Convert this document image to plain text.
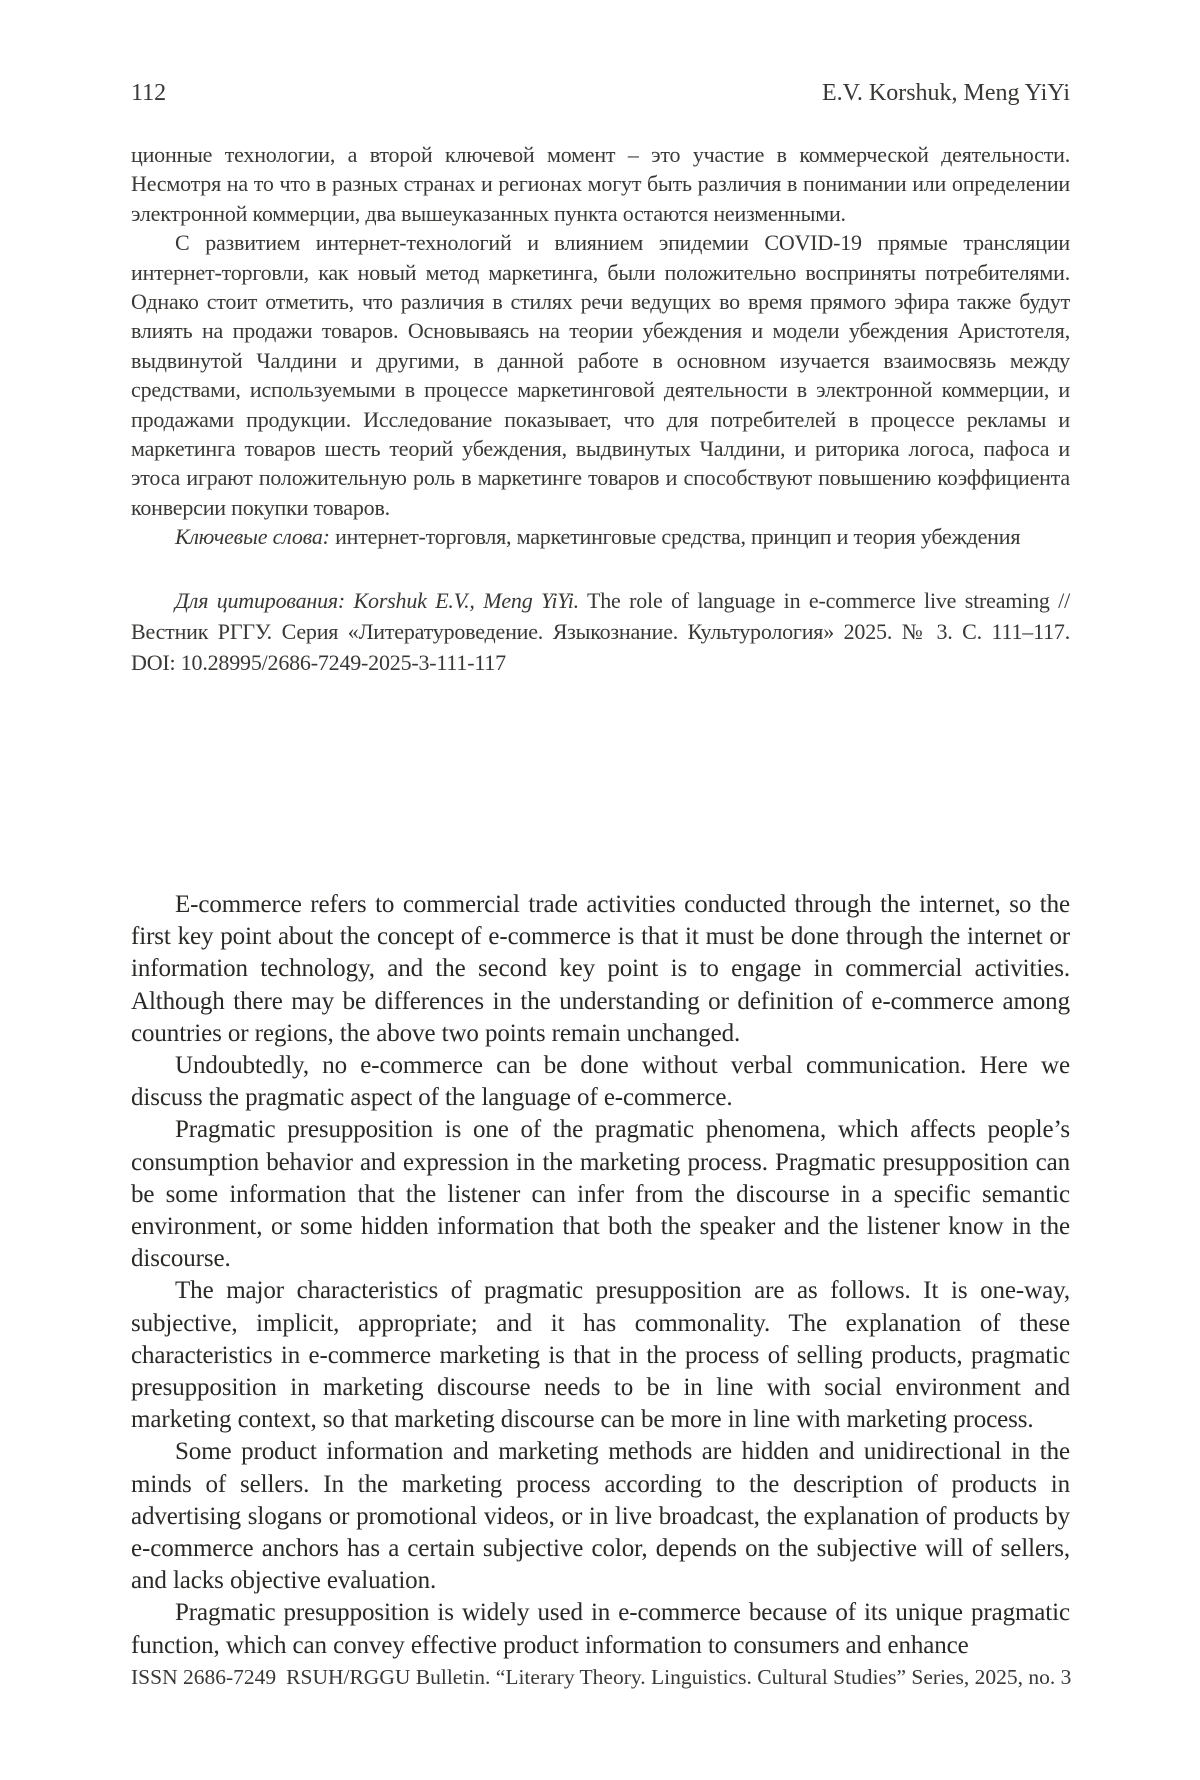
112	E.V. Korshuk, Meng YiYi

ционные технологии, а второй ключевой момент – это участие в коммерческой деятельности. Несмотря на то что в разных странах и регионах могут быть различия в понимании или определении электронной коммерции, два вышеуказанных пункта остаются неизменными.

С развитием интернет-технологий и влиянием эпидемии COVID-19 прямые трансляции интернет-торговли, как новый метод маркетинга, были положительно восприняты потребителями. Однако стоит отметить, что различия в стилях речи ведущих во время прямого эфира также будут влиять на продажи товаров. Основываясь на теории убеждения и модели убеждения Аристотеля, выдвинутой Чалдини и другими, в данной работе в основном изучается взаимосвязь между средствами, используемыми в процессе маркетинговой деятельности в электронной коммерции, и продажами продукции. Исследование показывает, что для потребителей в процессе рекламы и маркетинга товаров шесть теорий убеждения, выдвинутых Чалдини, и риторика логоса, пафоса и этоса играют положительную роль в маркетинге товаров и способствуют повышению коэффициента конверсии покупки товаров.

Ключевые слова: интернет-торговля, маркетинговые средства, принцип и теория убеждения

Для цитирования: Korshuk E.V., Meng YiYi. The role of language in e-commerce live streaming // Вестник РГГУ. Серия «Литературоведение. Языкознание. Культурология» 2025. № 3. С. 111–117. DOI: 10.28995/2686-7249-2025-3-111-117

E-commerce refers to commercial trade activities conducted through the internet, so the first key point about the concept of e-commerce is that it must be done through the internet or information technology, and the second key point is to engage in commercial activities. Although there may be differences in the understanding or definition of e-commerce among countries or regions, the above two points remain unchanged.

Undoubtedly, no e-commerce can be done without verbal communication. Here we discuss the pragmatic aspect of the language of e-commerce.

Pragmatic presupposition is one of the pragmatic phenomena, which affects people’s consumption behavior and expression in the marketing process. Pragmatic presupposition can be some information that the listener can infer from the discourse in a specific semantic environment, or some hidden information that both the speaker and the listener know in the discourse.

The major characteristics of pragmatic presupposition are as follows. It is one-way, subjective, implicit, appropriate; and it has commonality. The explanation of these characteristics in e-commerce marketing is that in the process of selling products, pragmatic presupposition in marketing discourse needs to be in line with social environment and marketing context, so that marketing discourse can be more in line with marketing process.

Some product information and marketing methods are hidden and unidirectional in the minds of sellers. In the marketing process according to the description of products in advertising slogans or promotional videos, or in live broadcast, the explanation of products by e-commerce anchors has a certain subjective color, depends on the subjective will of sellers, and lacks objective evaluation.

Pragmatic presupposition is widely used in e-commerce because of its unique pragmatic function, which can convey effective product information to consumers and enhance

ISSN 2686-7249 RSUH/RGGU Bulletin. “Literary Theory. Linguistics. Cultural Studies” Series, 2025, no. 3
